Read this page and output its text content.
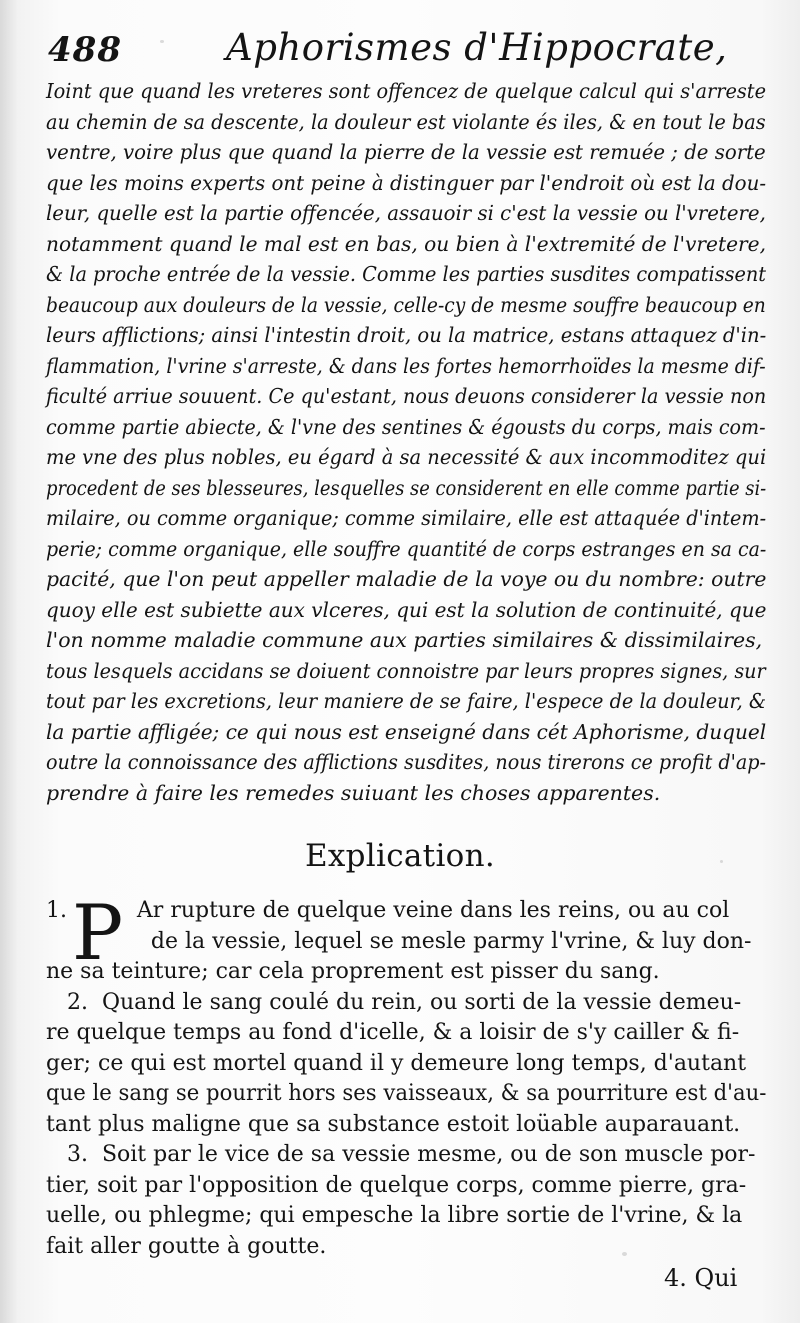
488	Aphorismes d'Hippocrate,
Ioint que quand les vreteres sont offencez de quelque calcul qui s'arreste
au chemin de sa descente, la douleur est violante és iles, & en tout le bas
ventre, voire plus que quand la pierre de la vessie est remuée ; de sorte
que les moins experts ont peine à distinguer par l'endroit où est la dou-
leur, quelle est la partie offencée, assauoir si c'est la vessie ou l'vretere,
notamment quand le mal est en bas, ou bien à l'extremité de l'vretere,
& la proche entrée de la vessie. Comme les parties susdites compatissent
beaucoup aux douleurs de la vessie, celle-cy de mesme souffre beaucoup en
leurs afflictions; ainsi l'intestin droit, ou la matrice, estans attaquez d'in-
flammation, l'vrine s'arreste, & dans les fortes hemorrhoïdes la mesme dif-
ficulté arriue souuent. Ce qu'estant, nous deuons considerer la vessie non
comme partie abiecte, & l'vne des sentines & égousts du corps, mais com-
me vne des plus nobles, eu égard à sa necessité & aux incommoditez qui
procedent de ses blesseures, lesquelles se considerent en elle comme partie si-
milaire, ou comme organique; comme similaire, elle est attaquée d'intem-
perie; comme organique, elle souffre quantité de corps estranges en sa ca-
pacité, que l'on peut appeller maladie de la voye ou du nombre: outre
quoy elle est subiette aux vlceres, qui est la solution de continuité, que
l'on nomme maladie commune aux parties similaires & dissimilaires,
tous lesquels accidans se doiuent connoistre par leurs propres signes, sur
tout par les excretions, leur maniere de se faire, l'espece de la douleur, &
la partie affligée; ce qui nous est enseigné dans cét Aphorisme, duquel
outre la connoissance des afflictions susdites, nous tirerons ce profit d'ap-
prendre à faire les remedes suiuant les choses apparentes.
Explication.
P
1.          Ar rupture de quelque veine dans les reins, ou au col
de la vessie, lequel se mesle parmy l'vrine, & luy don-
ne sa teinture; car cela proprement est pisser du sang.
2.  Quand le sang coulé du rein, ou sorti de la vessie demeu-
re quelque temps au fond d'icelle, & a loisir de s'y cailler & fi-
ger; ce qui est mortel quand il y demeure long temps, d'autant
que le sang se pourrit hors ses vaisseaux, & sa pourriture est d'au-
tant plus maligne que sa substance estoit loüable auparauant.
3.  Soit par le vice de sa vessie mesme, ou de son muscle por-
tier, soit par l'opposition de quelque corps, comme pierre, gra-
uelle, ou phlegme; qui empesche la libre sortie de l'vrine, & la
fait aller goutte à goutte.
4. Qui
